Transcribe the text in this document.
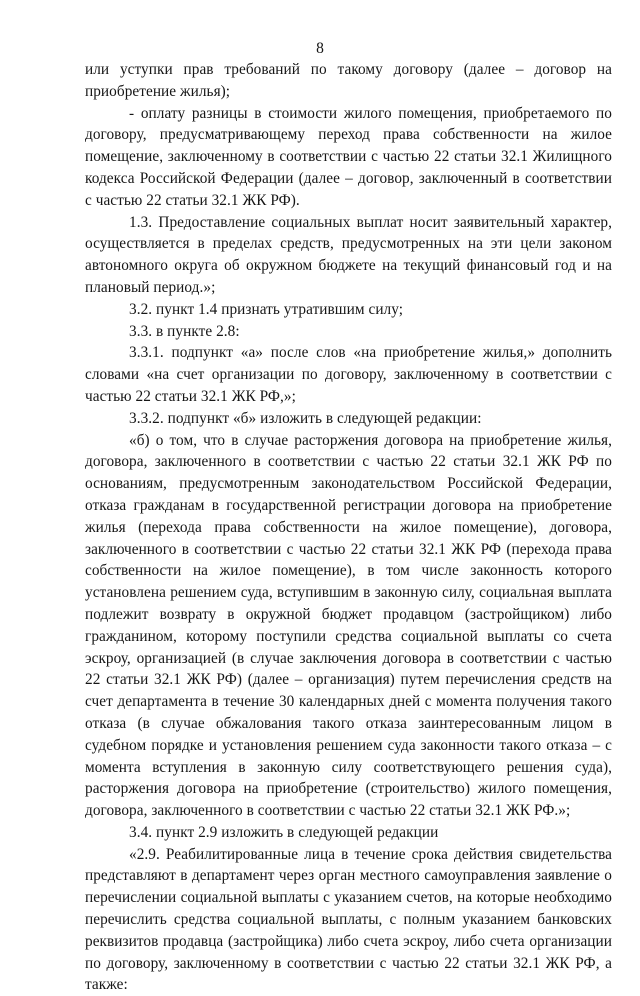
8

или уступки прав требований по такому договору (далее – договор на приобретение жилья);

- оплату разницы в стоимости жилого помещения, приобретаемого по договору, предусматривающему переход права собственности на жилое помещение, заключенному в соответствии с частью 22 статьи 32.1 Жилищного кодекса Российской Федерации (далее – договор, заключенный в соответствии с частью 22 статьи 32.1 ЖК РФ).

1.3. Предоставление социальных выплат носит заявительный характер, осуществляется в пределах средств, предусмотренных на эти цели законом автономного округа об окружном бюджете на текущий финансовый год и на плановый период.»;

3.2. пункт 1.4 признать утратившим силу;

3.3. в пункте 2.8:

3.3.1. подпункт «а» после слов «на приобретение жилья,» дополнить словами «на счет организации по договору, заключенному в соответствии с частью 22 статьи 32.1 ЖК РФ,»;

3.3.2. подпункт «б» изложить в следующей редакции:

«б) о том, что в случае расторжения договора на приобретение жилья, договора, заключенного в соответствии с частью 22 статьи 32.1 ЖК РФ по основаниям, предусмотренным законодательством Российской Федерации, отказа гражданам в государственной регистрации договора на приобретение жилья (перехода права собственности на жилое помещение), договора, заключенного в соответствии с частью 22 статьи 32.1 ЖК РФ (перехода права собственности на жилое помещение), в том числе законность которого установлена решением суда, вступившим в законную силу, социальная выплата подлежит возврату в окружной бюджет продавцом (застройщиком) либо гражданином, которому поступили средства социальной выплаты со счета эскроу, организацией (в случае заключения договора в соответствии с частью 22 статьи 32.1 ЖК РФ) (далее – организация) путем перечисления средств на счет департамента в течение 30 календарных дней с момента получения такого отказа (в случае обжалования такого отказа заинтересованным лицом в судебном порядке и установления решением суда законности такого отказа – с момента вступления в законную силу соответствующего решения суда), расторжения договора на приобретение (строительство) жилого помещения, договора, заключенного в соответствии с частью 22 статьи 32.1 ЖК РФ.»;

3.4. пункт 2.9 изложить в следующей редакции

«2.9. Реабилитированные лица в течение срока действия свидетельства представляют в департамент через орган местного самоуправления заявление о перечислении социальной выплаты с указанием счетов, на которые необходимо перечислить средства социальной выплаты, с полным указанием банковских реквизитов продавца (застройщика) либо счета эскроу, либо счета организации по договору, заключенному в соответствии с частью 22 статьи 32.1 ЖК РФ, а также:
